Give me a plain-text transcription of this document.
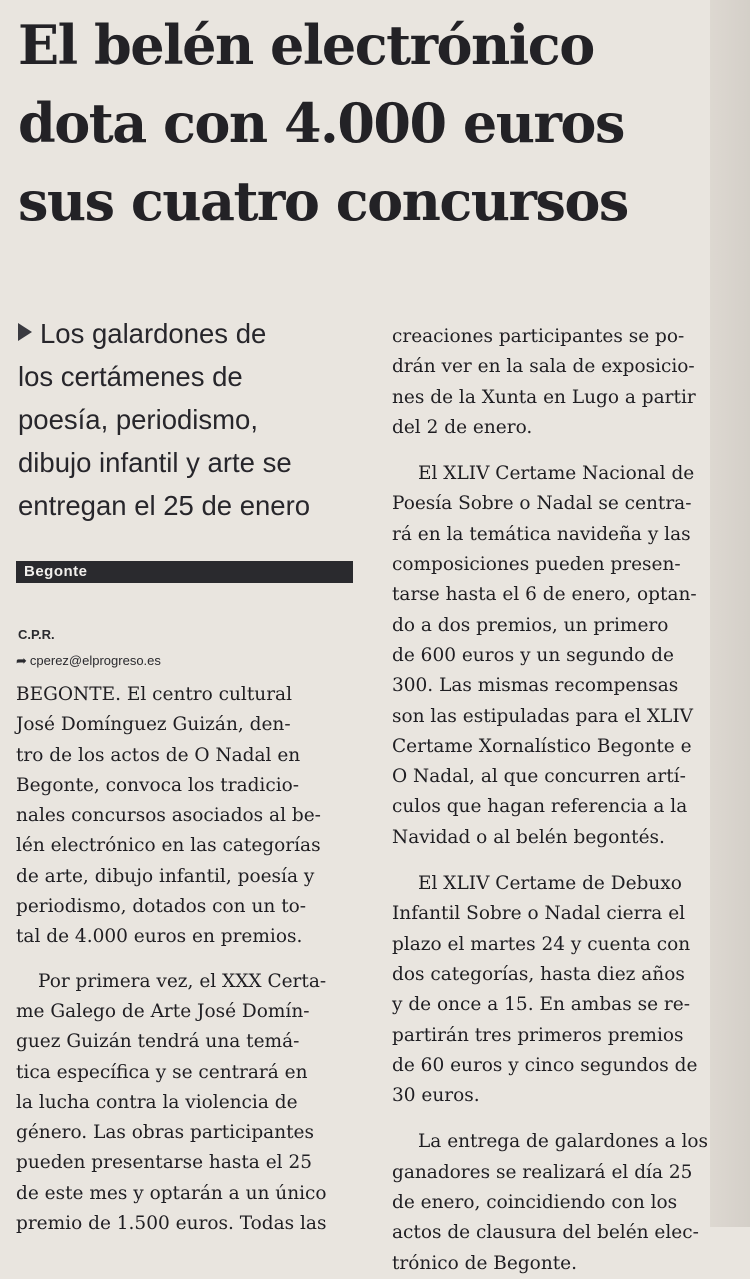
El belén electrónico
dota con 4.000 euros
sus cuatro concursos
Los galardones de
los certámenes de
poesía, periodismo,
dibujo infantil y arte se
entregan el 25 de enero
Begonte
C.P.R.
➦ cperez@elprogreso.es
BEGONTE. El centro cultural
José Domínguez Guizán, den-
tro de los actos de O Nadal en
Begonte, convoca los tradicio-
nales concursos asociados al be-
lén electrónico en las categorías
de arte, dibujo infantil, poesía y
periodismo, dotados con un to-
tal de 4.000 euros en premios.
Por primera vez, el XXX Certa-
me Galego de Arte José Domín-
guez Guizán tendrá una temá-
tica específica y se centrará en
la lucha contra la violencia de
género. Las obras participantes
pueden presentarse hasta el 25
de este mes y optarán a un único
premio de 1.500 euros. Todas las
creaciones participantes se po-
drán ver en la sala de exposicio-
nes de la Xunta en Lugo a partir
del 2 de enero.
El XLIV Certame Nacional de
Poesía Sobre o Nadal se centra-
rá en la temática navideña y las
composiciones pueden presen-
tarse hasta el 6 de enero, optan-
do a dos premios, un primero
de 600 euros y un segundo de
300. Las mismas recompensas
son las estipuladas para el XLIV
Certame Xornalístico Begonte e
O Nadal, al que concurren artí-
culos que hagan referencia a la
Navidad o al belén begontés.
El XLIV Certame de Debuxo
Infantil Sobre o Nadal cierra el
plazo el martes 24 y cuenta con
dos categorías, hasta diez años
y de once a 15. En ambas se re-
partirán tres primeros premios
de 60 euros y cinco segundos de
30 euros.
La entrega de galardones a los
ganadores se realizará el día 25
de enero, coincidiendo con los
actos de clausura del belén elec-
trónico de Begonte.
